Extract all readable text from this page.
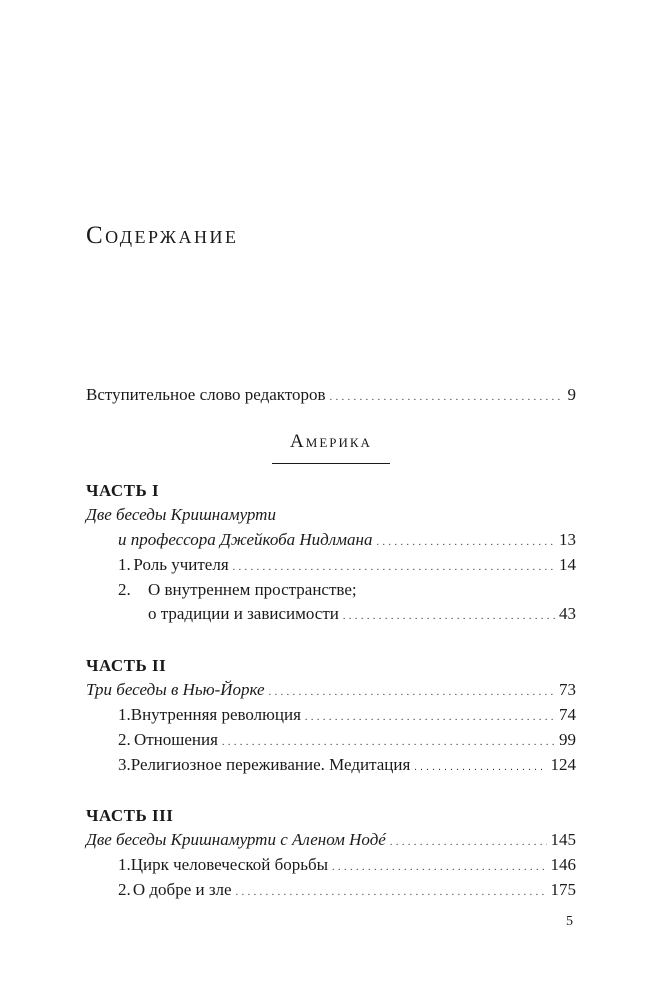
Содержание
Вступительное слово редакторов . . .	9
Америка
ЧАСТЬ I
Две беседы Кришнамурти
и профессора Джейкоба Нидлмана . . .	13
1. Роль учителя . . .	14
2. О внутреннем пространстве;
о традиции и зависимости . . .	43
ЧАСТЬ II
Три беседы в Нью-Йорке . . .	73
1. Внутренняя революция . . .	74
2. Отношения . . .	99
3. Религиозное переживание. Медитация . . .	124
ЧАСТЬ III
Две беседы Кришнамурти с Аленом Нодé . . .	145
1. Цирк человеческой борьбы . . .	146
2. О добре и зле . . .	175
5
